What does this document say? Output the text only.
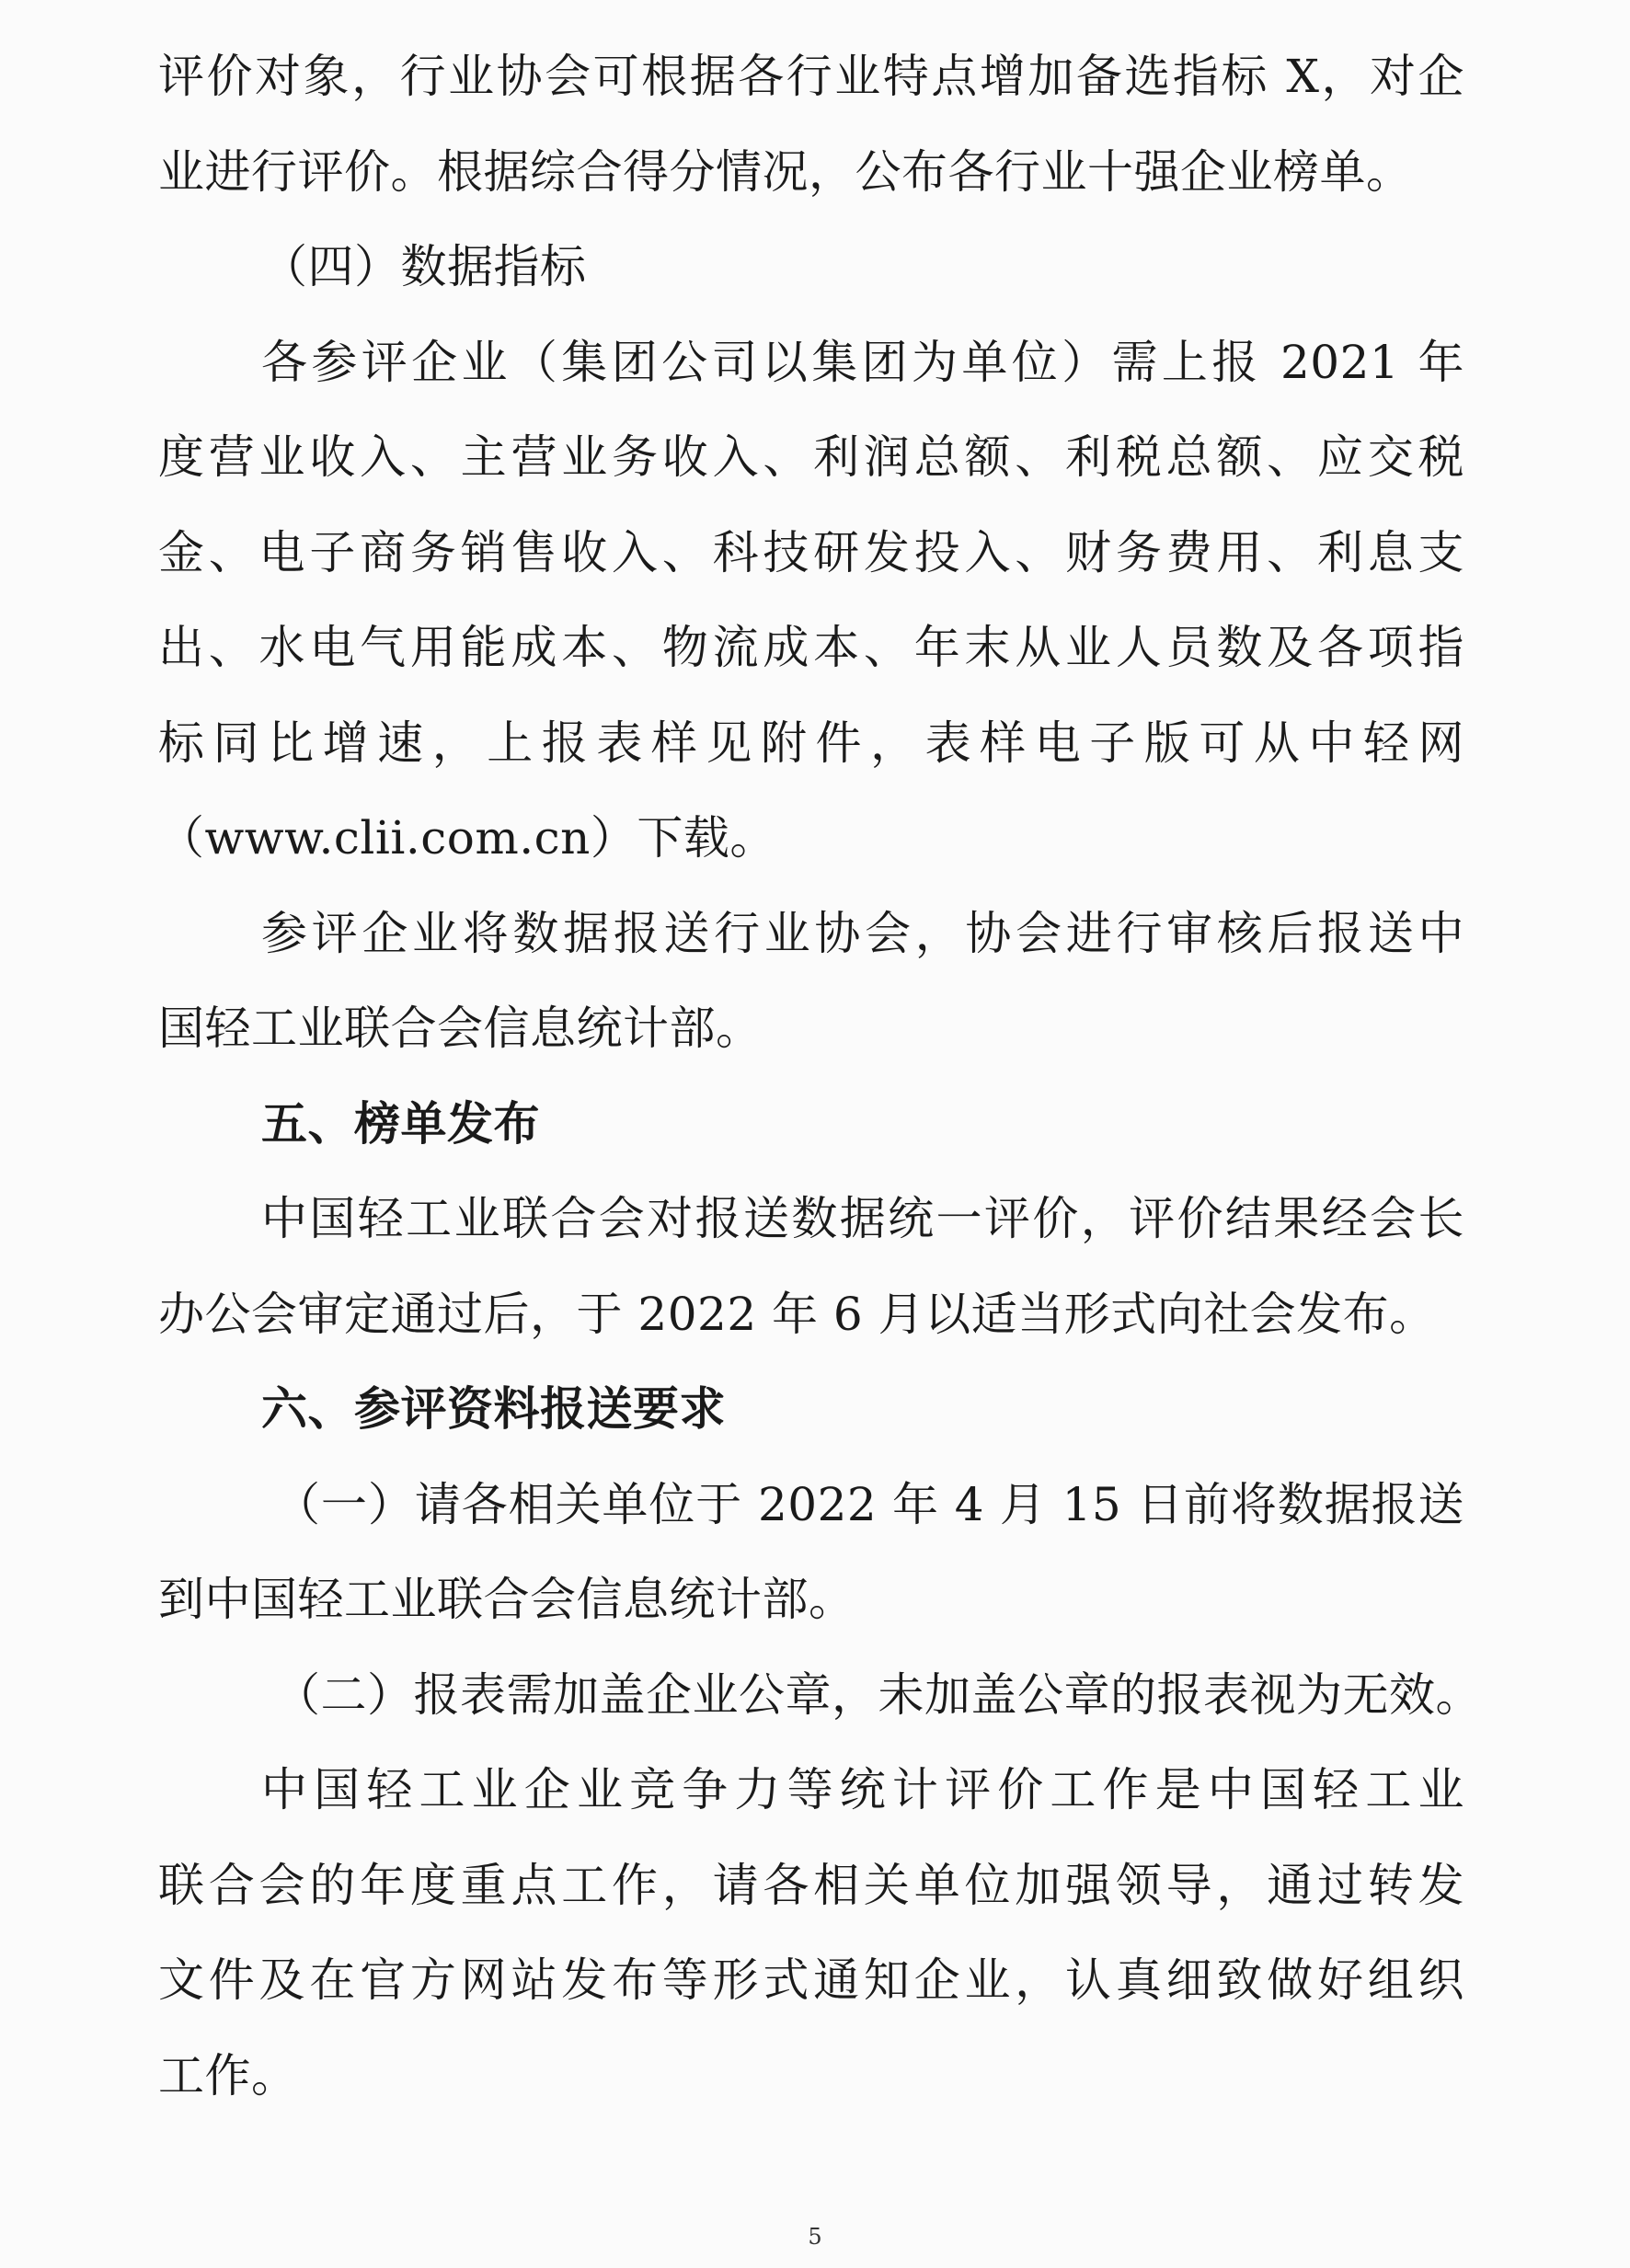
评价对象，行业协会可根据各行业特点增加备选指标 X，对企
业进行评价。根据综合得分情况，公布各行业十强企业榜单。
（四）数据指标
各参评企业（集团公司以集团为单位）需上报 2021 年
度营业收入、主营业务收入、利润总额、利税总额、应交税
金、电子商务销售收入、科技研发投入、财务费用、利息支
出、水电气用能成本、物流成本、年末从业人员数及各项指
标同比增速，上报表样见附件，表样电子版可从中轻网
（www.clii.com.cn）下载。
参评企业将数据报送行业协会，协会进行审核后报送中
国轻工业联合会信息统计部。
五、榜单发布
中国轻工业联合会对报送数据统一评价，评价结果经会长
办公会审定通过后，于 2022 年 6 月以适当形式向社会发布。
六、参评资料报送要求
（一）请各相关单位于 2022 年 4 月 15 日前将数据报送
到中国轻工业联合会信息统计部。
（二）报表需加盖企业公章，未加盖公章的报表视为无效。
中国轻工业企业竞争力等统计评价工作是中国轻工业
联合会的年度重点工作，请各相关单位加强领导，通过转发
文件及在官方网站发布等形式通知企业，认真细致做好组织
工作。
5
